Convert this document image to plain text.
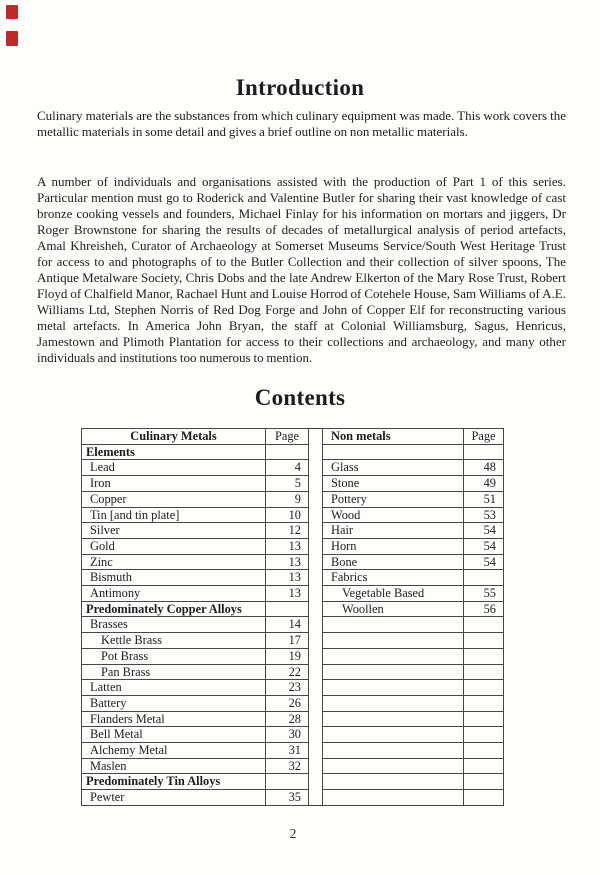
Introduction

Culinary materials are the substances from which culinary equipment was made. This work covers the metallic materials in some detail and gives a brief outline on non metallic materials.

A number of individuals and organisations assisted with the production of Part 1 of this series. Particular mention must go to Roderick and Valentine Butler for sharing their vast knowledge of cast bronze cooking vessels and founders, Michael Finlay for his information on mortars and jiggers, Dr Roger Brownstone for sharing the results of decades of metallurgical analysis of period artefacts, Amal Khreisheh, Curator of Archaeology at Somerset Museums Service/South West Heritage Trust for access to and photographs of to the Butler Collection and their collection of silver spoons, The Antique Metalware Society, Chris Dobs and the late Andrew Elkerton of the Mary Rose Trust, Robert Floyd of Chalfield Manor, Rachael Hunt and Louise Horrod of Cotehele House, Sam Williams of A.E. Williams Ltd, Stephen Norris of Red Dog Forge and John of Copper Elf for reconstructing various metal artefacts. In America John Bryan, the staff at Colonial Williamsburg, Sagus, Henricus, Jamestown and Plimoth Plantation for access to their collections and archaeology, and many other individuals and institutions too numerous to mention.

Contents
Culinary Metals	Page		Non metals	Page
Elements				
Lead	4		Glass	48
Iron	5		Stone	49
Copper	9		Pottery	51
Tin [and tin plate]	10		Wood	53
Silver	12		Hair	54
Gold	13		Horn	54
Zinc	13		Bone	54
Bismuth	13		Fabrics	
Antimony	13		Vegetable Based	55
Predominately Copper Alloys			Woollen	56
Brasses	14			
Kettle Brass	17			
Pot Brass	19			
Pan Brass	22			
Latten	23			
Battery	26			
Flanders Metal	28			
Bell Metal	30			
Alchemy Metal	31			
Maslen	32			
Predominately Tin Alloys				
Pewter	35			
2
